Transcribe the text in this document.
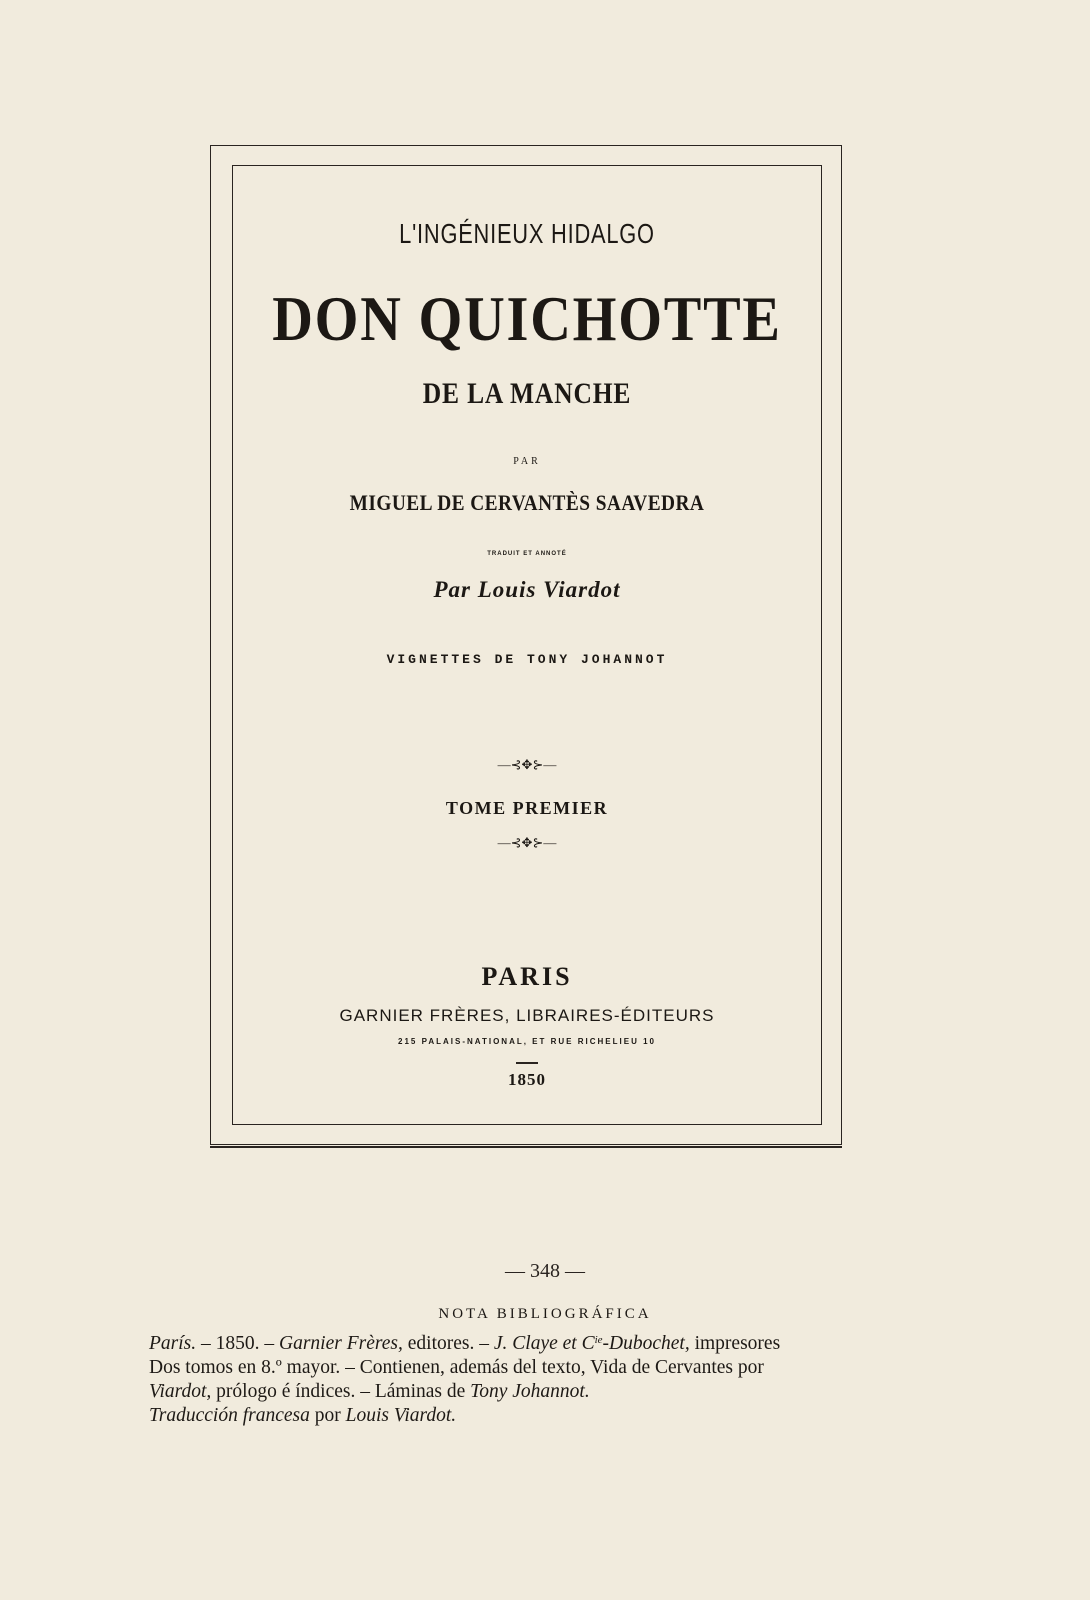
L'INGÉNIEUX HIDALGO
DON QUICHOTTE
DE LA MANCHE
PAR
MIGUEL DE CERVANTÈS SAAVEDRA
TRADUIT ET ANNOTÉ
Par Louis Viardot
VIGNETTES DE TONY JOHANNOT
—⊰✥⊱—
TOME PREMIER
—⊰✥⊱—
PARIS
GARNIER FRÈRES, LIBRAIRES-ÉDITEURS
215 PALAIS-NATIONAL, ET RUE RICHELIEU 10
1850
— 348 —
NOTA BIBLIOGRÁFICA
París. – 1850. – Garnier Frères, editores. – J. Claye et $C^{ie}$-Dubochet, impresores
Dos tomos en 8.º mayor. – Contienen, además del texto, Vida de Cervantes por
Viardot, prólogo é índices. – Láminas de Tony Johannot.
Traducción francesa por Louis Viardot.
